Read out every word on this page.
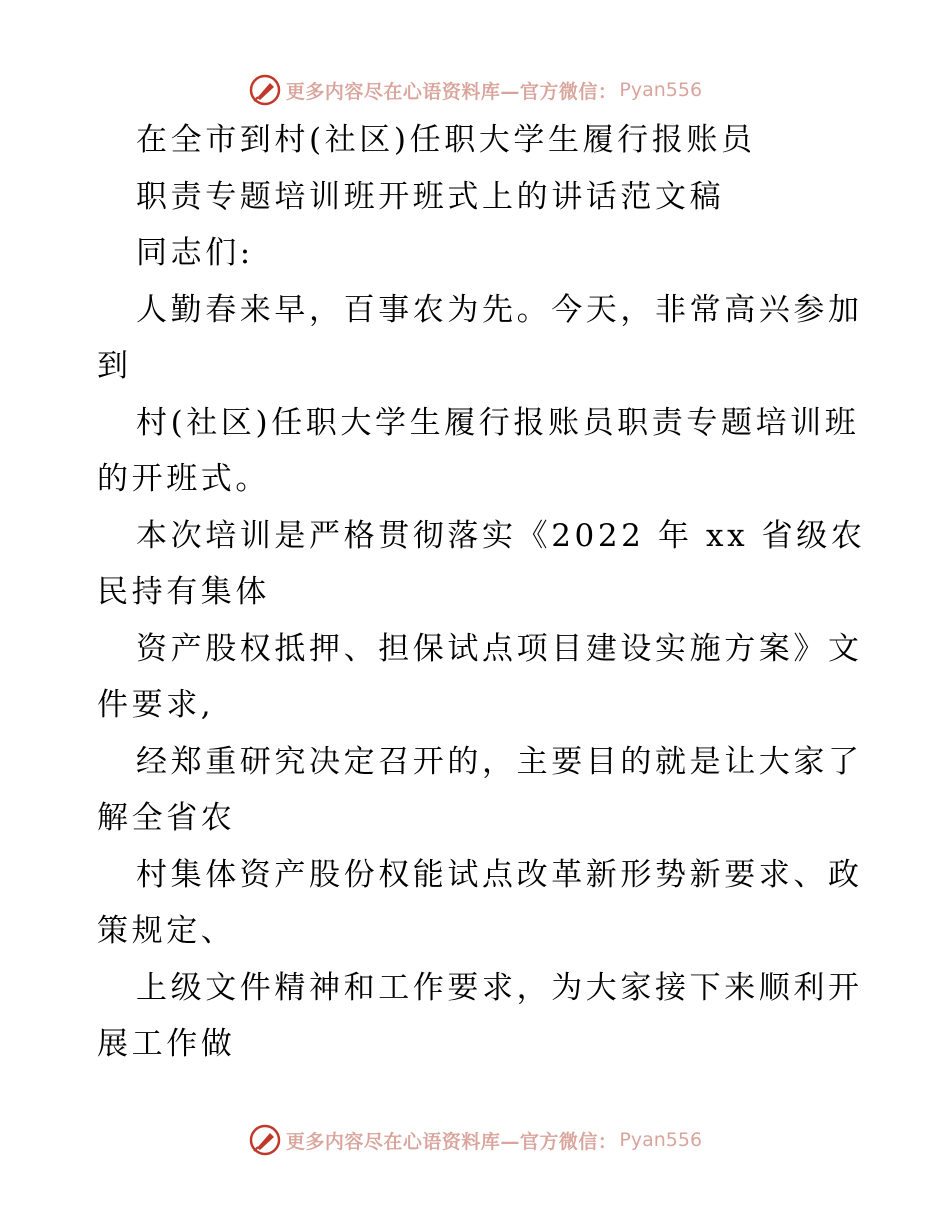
更多内容尽在心语资料库—官方微信： Pyan556
在全市到村(社区)任职大学生履行报账员
职责专题培训班开班式上的讲话范文稿
同志们:
人勤春来早，百事农为先。今天，非常高兴参加
到
村(社区)任职大学生履行报账员职责专题培训班
的开班式。
本次培训是严格贯彻落实《2022 年 xx 省级农
民持有集体
资产股权抵押、担保试点项目建设实施方案》文
件要求,
经郑重研究决定召开的，主要目的就是让大家了
解全省农
村集体资产股份权能试点改革新形势新要求、政
策规定、
上级文件精神和工作要求，为大家接下来顺利开
展工作做
更多内容尽在心语资料库—官方微信： Pyan556
